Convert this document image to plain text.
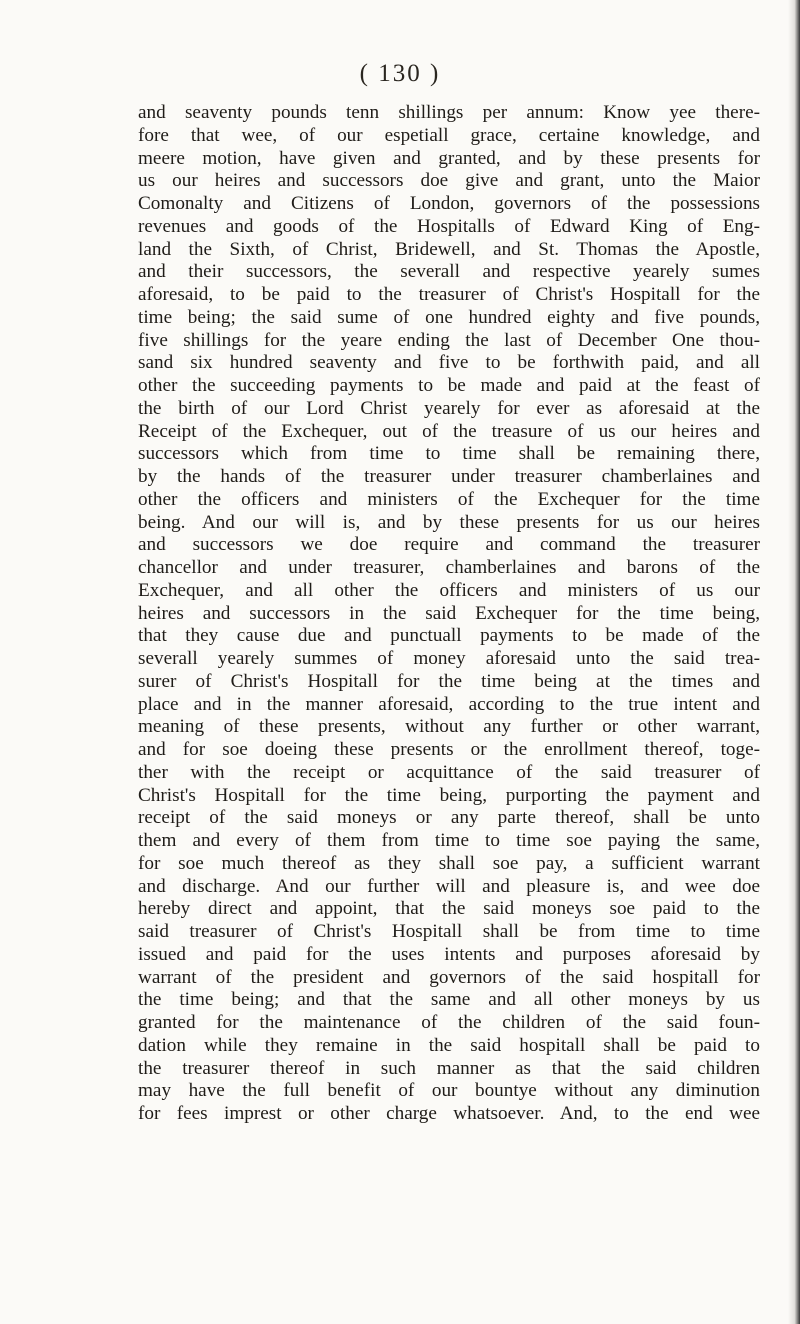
( 130 )
and seaventy pounds tenn shillings per annum: Know yee there-
fore that wee, of our espetiall grace, certaine knowledge, and
meere motion, have given and granted, and by these presents for
us our heires and successors doe give and grant, unto the Maior
Comonalty and Citizens of London, governors of the possessions
revenues and goods of the Hospitalls of Edward King of Eng-
land the Sixth, of Christ, Bridewell, and St. Thomas the Apostle,
and their successors, the severall and respective yearely sumes
aforesaid, to be paid to the treasurer of Christ's Hospitall for the
time being; the said sume of one hundred eighty and five pounds,
five shillings for the yeare ending the last of December One thou-
sand six hundred seaventy and five to be forthwith paid, and all
other the succeeding payments to be made and paid at the feast of
the birth of our Lord Christ yearely for ever as aforesaid at the
Receipt of the Exchequer, out of the treasure of us our heires and
successors which from time to time shall be remaining there,
by the hands of the treasurer under treasurer chamberlaines and
other the officers and ministers of the Exchequer for the time
being. And our will is, and by these presents for us our heires
and successors we doe require and command the treasurer
chancellor and under treasurer, chamberlaines and barons of the
Exchequer, and all other the officers and ministers of us our
heires and successors in the said Exchequer for the time being,
that they cause due and punctuall payments to be made of the
severall yearely summes of money aforesaid unto the said trea-
surer of Christ's Hospitall for the time being at the times and
place and in the manner aforesaid, according to the true intent and
meaning of these presents, without any further or other warrant,
and for soe doeing these presents or the enrollment thereof, toge-
ther with the receipt or acquittance of the said treasurer of
Christ's Hospitall for the time being, purporting the payment and
receipt of the said moneys or any parte thereof, shall be unto
them and every of them from time to time soe paying the same,
for soe much thereof as they shall soe pay, a sufficient warrant
and discharge. And our further will and pleasure is, and wee doe
hereby direct and appoint, that the said moneys soe paid to the
said treasurer of Christ's Hospitall shall be from time to time
issued and paid for the uses intents and purposes aforesaid by
warrant of the president and governors of the said hospitall for
the time being; and that the same and all other moneys by us
granted for the maintenance of the children of the said foun-
dation while they remaine in the said hospitall shall be paid to
the treasurer thereof in such manner as that the said children
may have the full benefit of our bountye without any diminution
for fees imprest or other charge whatsoever. And, to the end wee
